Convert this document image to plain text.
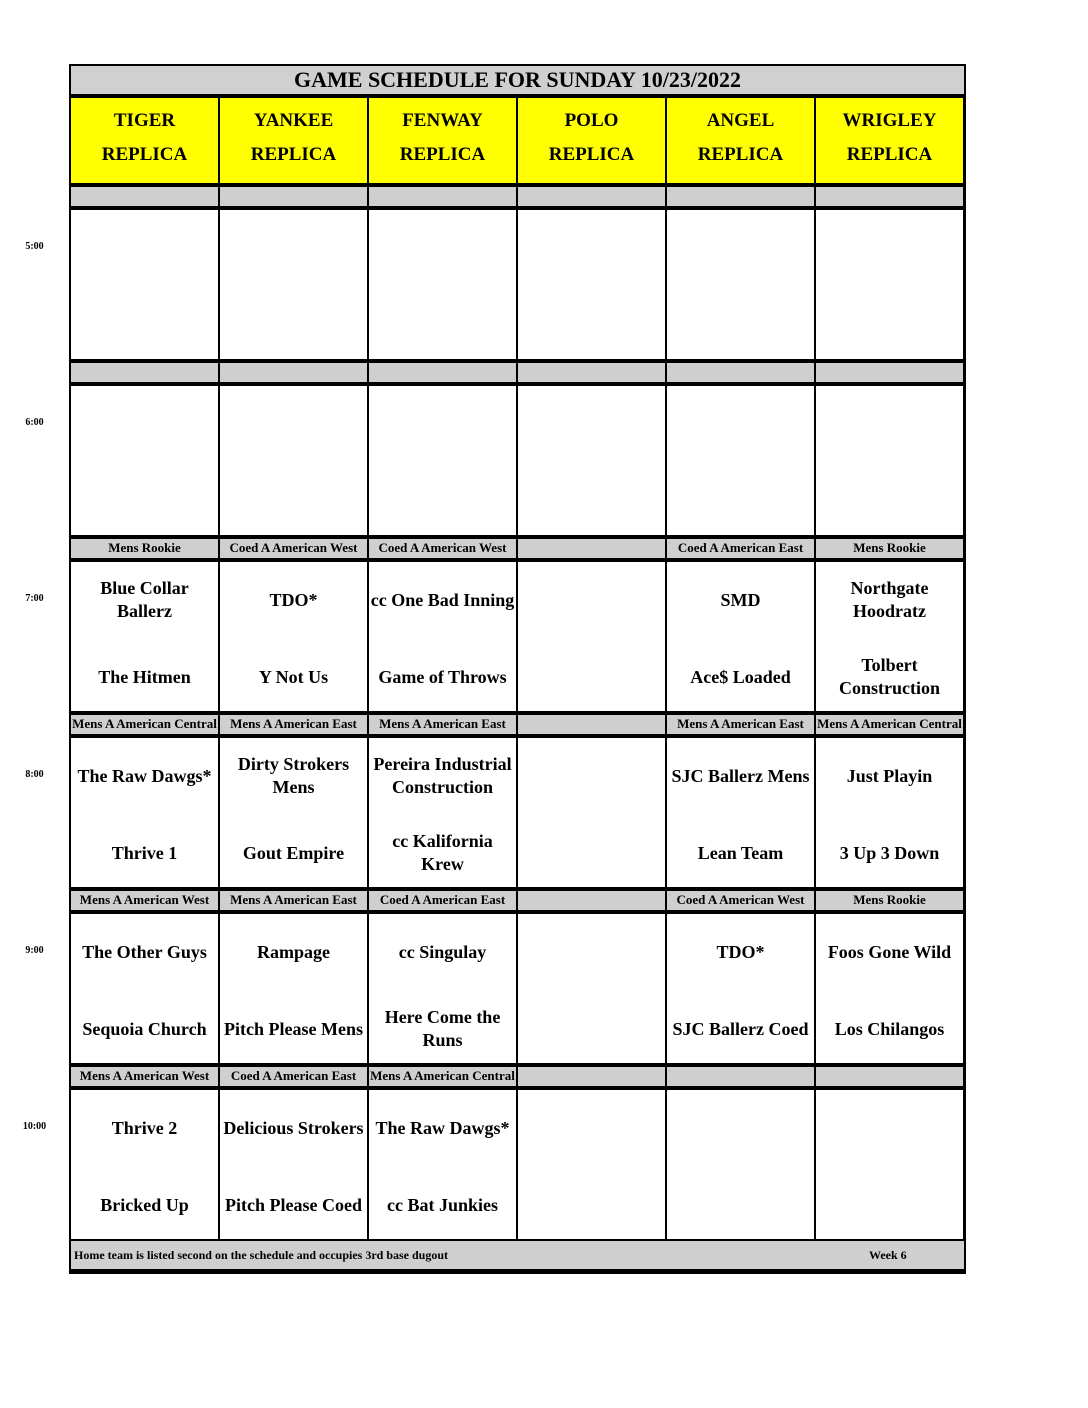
GAME SCHEDULE FOR SUNDAY 10/23/2022
TIGER
REPLICA
YANKEE
REPLICA
FENWAY
REPLICA
POLO
REPLICA
ANGEL
REPLICA
WRIGLEY
REPLICA
5:00
6:00
7:00
Mens Rookie
Blue Collar Ballerz
The Hitmen
Coed A American West
TDO*
Y Not Us
Coed A American West
cc One Bad Inning
Game of Throws
Coed A American East
SMD
Ace$ Loaded
Mens Rookie
Northgate Hoodratz
Tolbert Construction
8:00
Mens A American Central
The Raw Dawgs*
Thrive 1
Mens A American East
Dirty Strokers Mens
Gout Empire
Mens A American East
Pereira Industrial Construction
cc Kalifornia Krew
Mens A American East
SJC Ballerz Mens
Lean Team
Mens A American Central
Just Playin
3 Up 3 Down
9:00
Mens A American West
The Other Guys
Sequoia Church
Mens A American East
Rampage
Pitch Please Mens
Coed A American East
cc Singulay
Here Come the Runs
Coed A American West
TDO*
SJC Ballerz Coed
Mens Rookie
Foos Gone Wild
Los Chilangos
10:00
Mens A American West
Thrive 2
Bricked Up
Coed A American East
Delicious Strokers
Pitch Please Coed
Mens A American Central
The Raw Dawgs*
cc Bat Junkies
Home team is listed second on the schedule and occupies 3rd base dugout	Week 6
